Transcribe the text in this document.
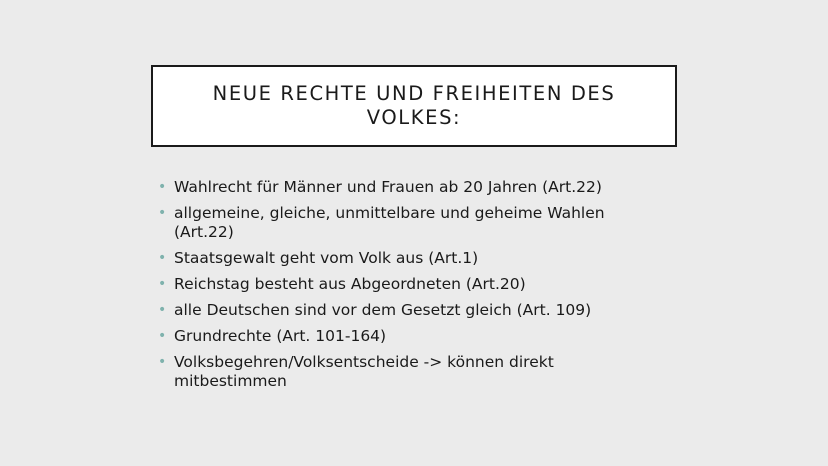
NEUE RECHTE UND FREIHEITEN DES VOLKES:
• Wahlrecht für Männer und Frauen ab 20 Jahren (Art.22)
• allgemeine, gleiche, unmittelbare und geheime Wahlen (Art.22)
• Staatsgewalt geht vom Volk aus (Art.1)
• Reichstag besteht aus Abgeordneten (Art.20)
• alle Deutschen sind vor dem Gesetzt gleich (Art. 109)
• Grundrechte (Art. 101-164)
• Volksbegehren/Volksentscheide -> können direkt mitbestimmen
